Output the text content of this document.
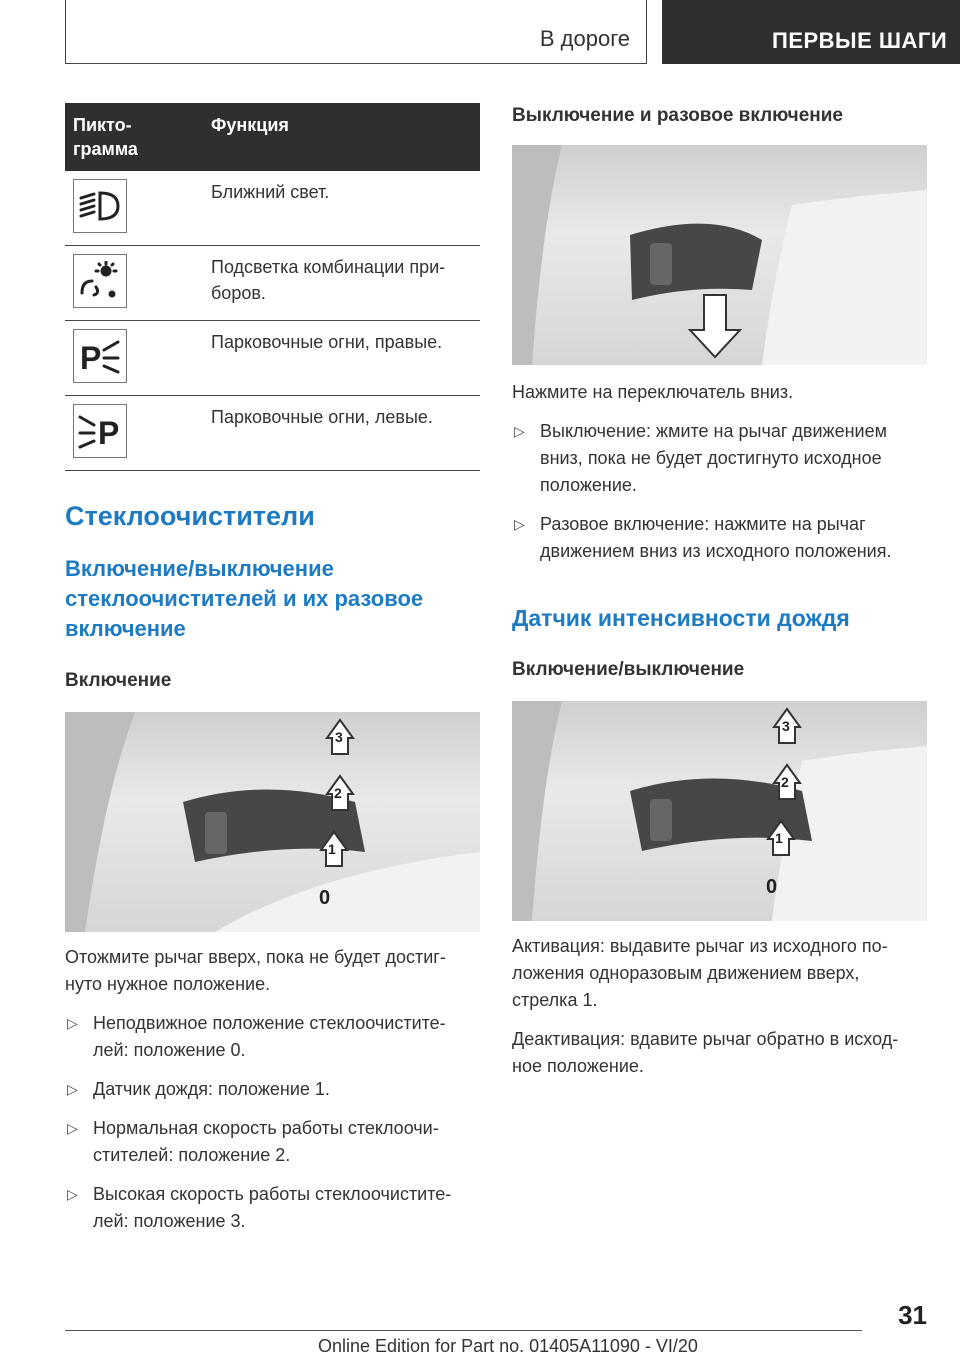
В дороге	ПЕРВЫЕ ШАГИ
Пикто-
грамма	Функция

	Ближний свет.

	Подсветка комбинации при-
боров.

P	Парковочные огни, правые.

P	Парковочные огни, левые.
Стеклоочистители
Включение/выключение стеклоочистителей и их разовое включение
Включение
3
2
1
0

Отожмите рычаг вверх, пока не будет достиг-
нуто нужное положение.

▷ Неподвижное положение стеклоочистите-
лей: положение 0.
▷ Датчик дождя: положение 1.
▷ Нормальная скорость работы стеклоочи-
стителей: положение 2.
▷ Высокая скорость работы стеклоочистите-
лей: положение 3.
Выключение и разовое включение

Нажмите на переключатель вниз.

▷ Выключение: жмите на рычаг движением
вниз, пока не будет достигнуто исходное
положение.
▷ Разовое включение: нажмите на рычаг
движением вниз из исходного положения.
Датчик интенсивности дождя
Включение/выключение
3
2
1
0

Активация: выдавите рычаг из исходного по-
ложения одноразовым движением вверх,
стрелка 1.

Деактивация: вдавите рычаг обратно в исход-
ное положение.

31
Online Edition for Part no. 01405A11090 - VI/20
